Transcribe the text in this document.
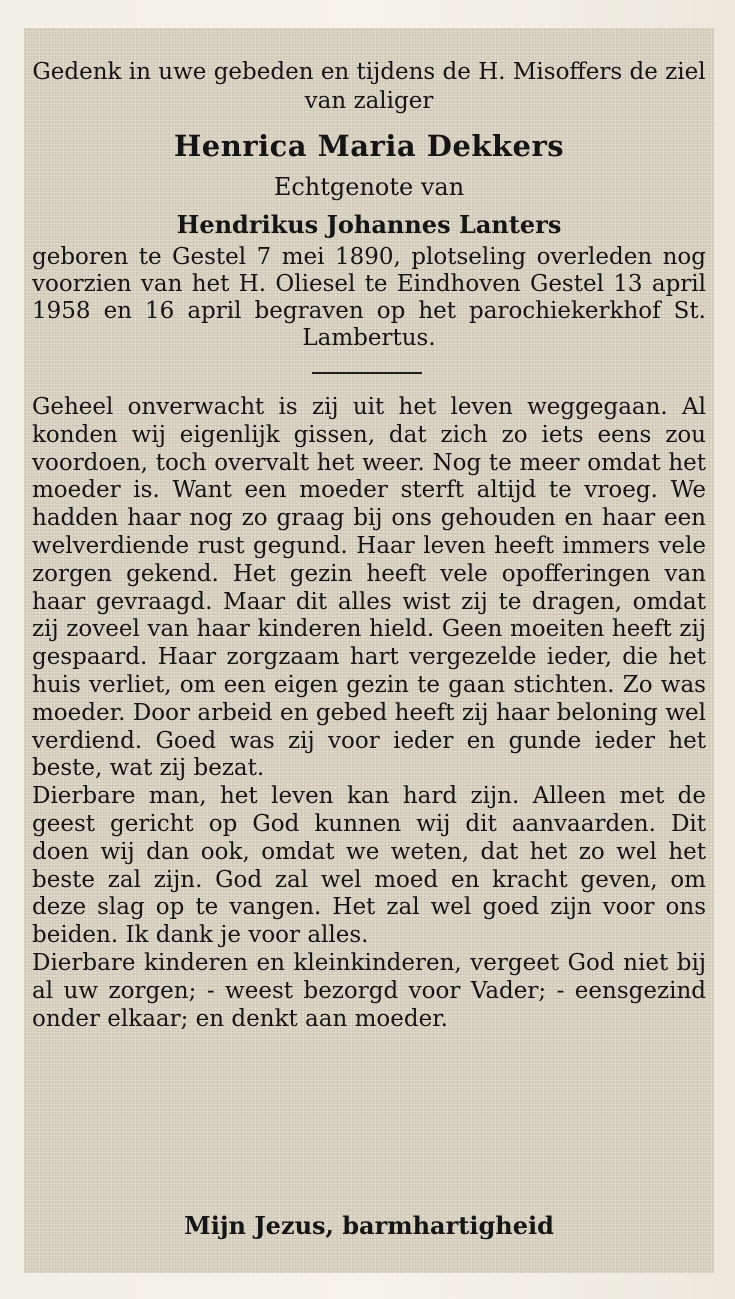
Gedenk in uwe gebeden en tijdens de H. Misoffers de ziel van zaliger
Henrica Maria Dekkers
Echtgenote van
Hendrikus Johannes Lanters
geboren te Gestel 7 mei 1890, plotseling overleden nog voorzien van het H. Oliesel te Eindhoven Gestel 13 april 1958 en 16 april begraven op het parochiekerkhof St. Lambertus.

Geheel onverwacht is zij uit het leven weggegaan. Al konden wij eigenlijk gissen, dat zich zo iets eens zou voordoen, toch overvalt het weer. Nog te meer omdat het moeder is. Want een moeder sterft altijd te vroeg. We hadden haar nog zo graag bij ons gehouden en haar een welverdiende rust gegund. Haar leven heeft immers vele zorgen gekend. Het gezin heeft vele opofferingen van haar gevraagd. Maar dit alles wist zij te dragen, omdat zij zoveel van haar kinderen hield. Geen moeiten heeft zij gespaard. Haar zorgzaam hart vergezelde ieder, die het huis verliet, om een eigen gezin te gaan stichten. Zo was moeder. Door arbeid en gebed heeft zij haar beloning wel verdiend. Goed was zij voor ieder en gunde ieder het beste, wat zij bezat.

Dierbare man, het leven kan hard zijn. Alleen met de geest gericht op God kunnen wij dit aanvaarden. Dit doen wij dan ook, omdat we weten, dat het zo wel het beste zal zijn. God zal wel moed en kracht geven, om deze slag op te vangen. Het zal wel goed zijn voor ons beiden. Ik dank je voor alles.

Dierbare kinderen en kleinkinderen, vergeet God niet bij al uw zorgen; - weest bezorgd voor Vader; - eensgezind onder elkaar; en denkt aan moeder.

Mijn Jezus, barmhartigheid
